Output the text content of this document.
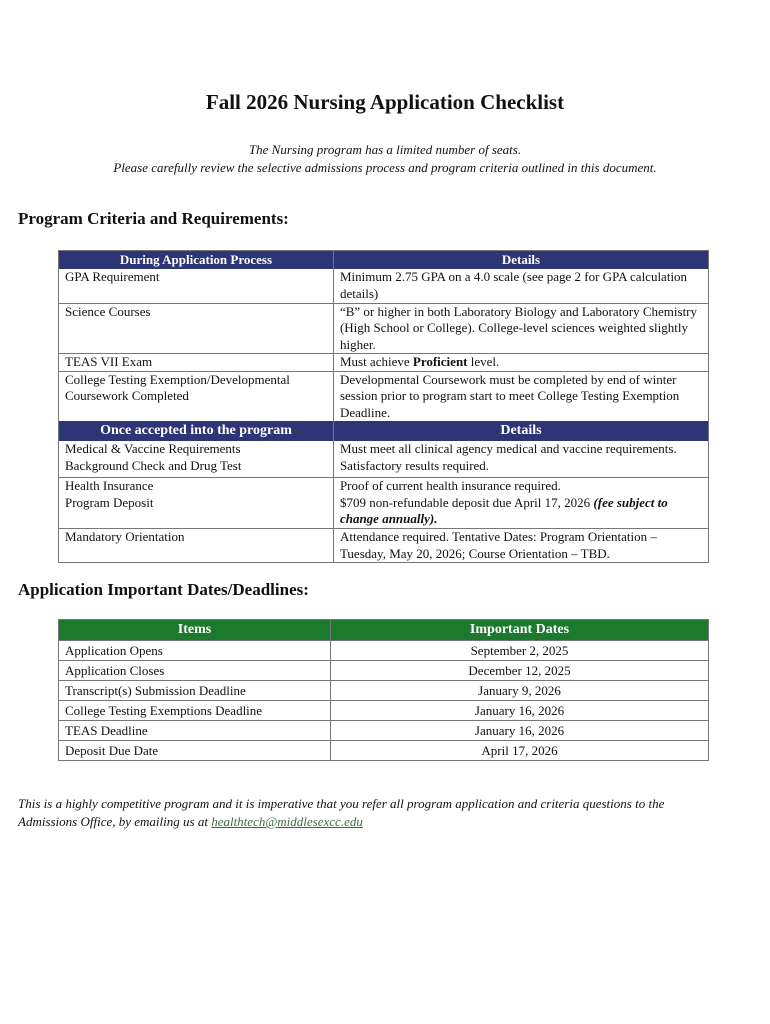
Fall 2026 Nursing Application Checklist
The Nursing program has a limited number of seats.
Please carefully review the selective admissions process and program criteria outlined in this document.
Program Criteria and Requirements:
During Application Process	Details
GPA Requirement	Minimum 2.75 GPA on a 4.0 scale (see page 2 for GPA calculation details)
Science Courses	“B” or higher in both Laboratory Biology and Laboratory Chemistry (High School or College). College-level sciences weighted slightly higher.
TEAS VII Exam	Must achieve Proficient level.
College Testing Exemption/Developmental Coursework Completed	Developmental Coursework must be completed by end of winter session prior to program start to meet College Testing Exemption Deadline.
Once accepted into the program	Details
Medical & Vaccine Requirements	Must meet all clinical agency medical and vaccine requirements.
Background Check and Drug Test	Satisfactory results required.
Health Insurance	Proof of current health insurance required.
Program Deposit	$709 non-refundable deposit due April 17, 2026 (fee subject to change annually).
Mandatory Orientation	Attendance required. Tentative Dates: Program Orientation – Tuesday, May 20, 2026; Course Orientation – TBD.
Application Important Dates/Deadlines:
Items	Important Dates
Application Opens	September 2, 2025
Application Closes	December 12, 2025
Transcript(s) Submission Deadline	January 9, 2026
College Testing Exemptions Deadline	January 16, 2026
TEAS Deadline	January 16, 2026
Deposit Due Date	April 17, 2026
This is a highly competitive program and it is imperative that you refer all program application and criteria questions to the Admissions Office, by emailing us at healthtech@middlesexcc.edu
